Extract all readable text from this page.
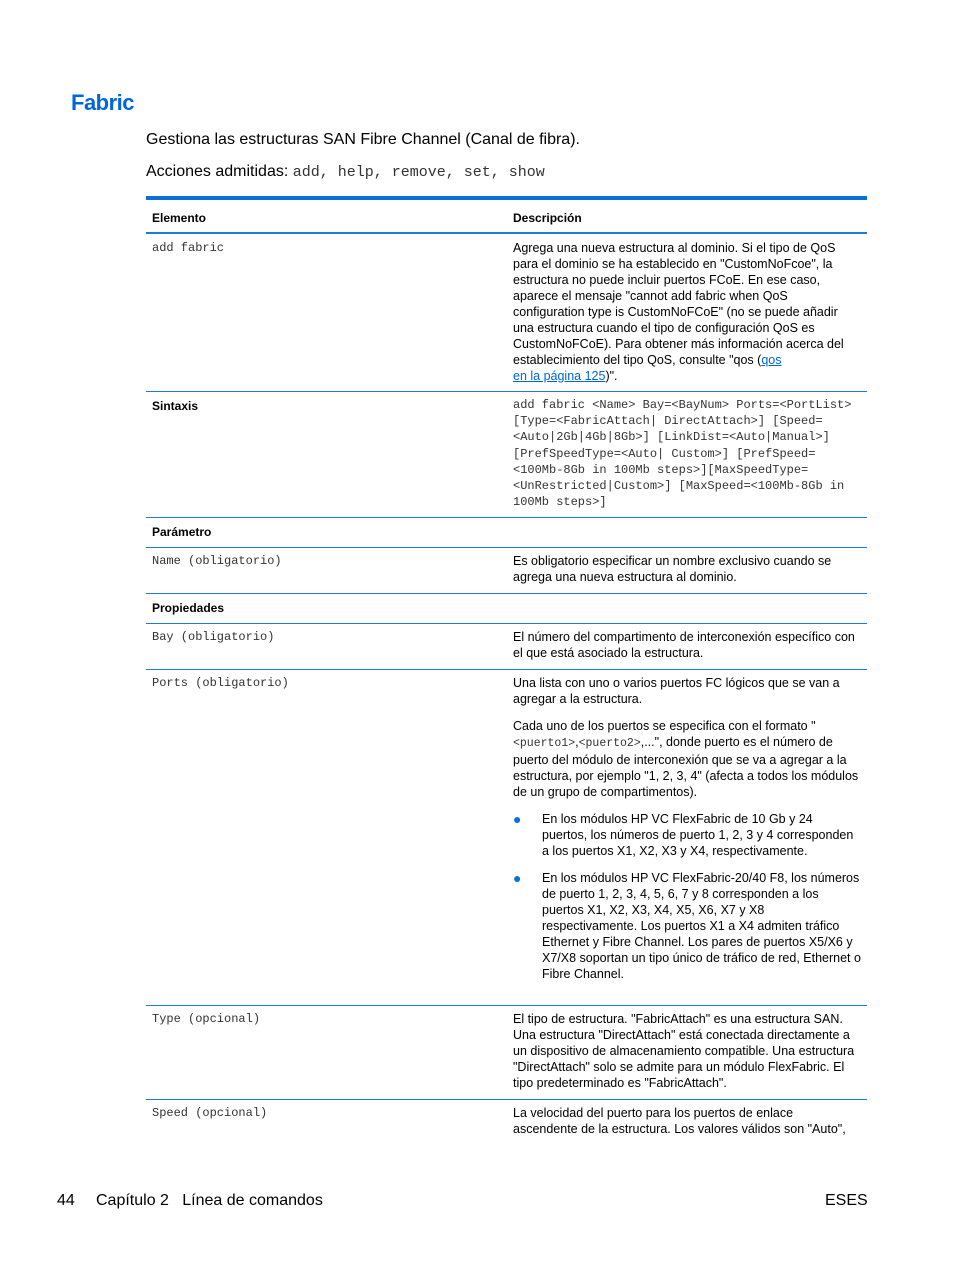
Fabric
Gestiona las estructuras SAN Fibre Channel (Canal de fibra).
Acciones admitidas: add, help, remove, set, show
Elemento	Descripción
add fabric	Agrega una nueva estructura al dominio. Si el tipo de QoS para el dominio se ha establecido en "CustomNoFcoe", la estructura no puede incluir puertos FCoE. En ese caso, aparece el mensaje "cannot add fabric when QoS configuration type is CustomNoFCoE" (no se puede añadir una estructura cuando el tipo de configuración QoS es CustomNoFCoE). Para obtener más información acerca del establecimiento del tipo QoS, consulte "qos (qos
en la página 125)".
Sintaxis	add fabric <Name> Bay=<BayNum> Ports=<PortList> [Type=<FabricAttach| DirectAttach>] [Speed=<Auto|2Gb|4Gb|8Gb>] [LinkDist=<Auto|Manual>][PrefSpeedType=<Auto| Custom>] [PrefSpeed=<100Mb-8Gb in 100Mb steps>][MaxSpeedType=<UnRestricted|Custom>] [MaxSpeed=<100Mb-8Gb in 100Mb steps>]
Parámetro
Name (obligatorio)	Es obligatorio especificar un nombre exclusivo cuando se agrega una nueva estructura al dominio.
Propiedades
Bay (obligatorio)	El número del compartimento de interconexión específico con el que está asociado la estructura.
Ports (obligatorio)	Una lista con uno o varios puertos FC lógicos que se van a agregar a la estructura.
Cada uno de los puertos se especifica con el formato "<puerto1>,<puerto2>,...", donde puerto es el número de puerto del módulo de interconexión que se va a agregar a la estructura, por ejemplo "1, 2, 3, 4" (afecta a todos los módulos de un grupo de compartimentos).
●	En los módulos HP VC FlexFabric de 10 Gb y 24 puertos, los números de puerto 1, 2, 3 y 4 corresponden a los puertos X1, X2, X3 y X4, respectivamente.
●	En los módulos HP VC FlexFabric-20/40 F8, los números de puerto 1, 2, 3, 4, 5, 6, 7 y 8 corresponden a los puertos X1, X2, X3, X4, X5, X6, X7 y X8 respectivamente. Los puertos X1 a X4 admiten tráfico Ethernet y Fibre Channel. Los pares de puertos X5/X6 y X7/X8 soportan un tipo único de tráfico de red, Ethernet o Fibre Channel.
Type (opcional)	El tipo de estructura. "FabricAttach" es una estructura SAN. Una estructura "DirectAttach" está conectada directamente a un dispositivo de almacenamiento compatible. Una estructura "DirectAttach" solo se admite para un módulo FlexFabric. El tipo predeterminado es "FabricAttach".
Speed (opcional)	La velocidad del puerto para los puertos de enlace ascendente de la estructura. Los valores válidos son "Auto",
44 Capítulo 2   Línea de comandos	ESES
